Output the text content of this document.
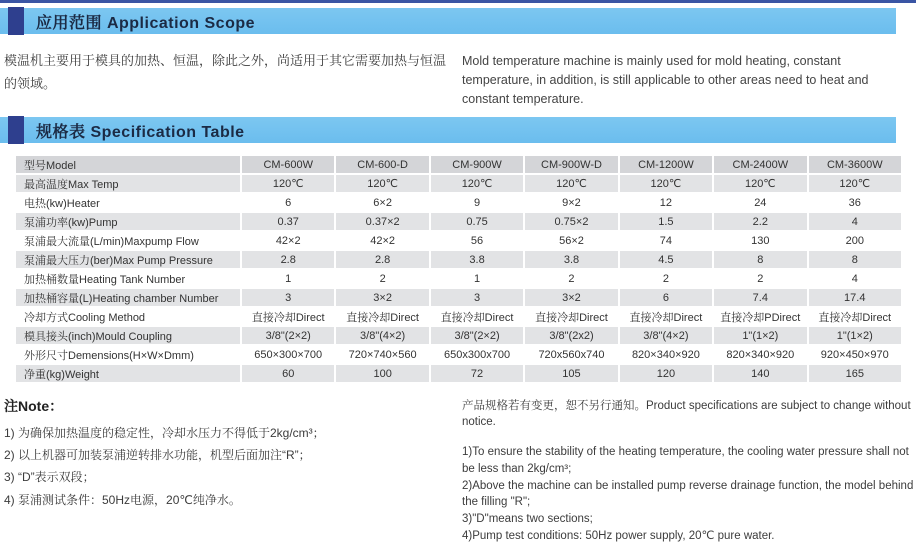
应用范围 Application Scope
模温机主要用于模具的加热、恒温，除此之外，尚适用于其它需要加热与恒温的领域。
Mold temperature machine is mainly used for mold heating, constant temperature, in addition, is still applicable to other areas need to heat and constant temperature.
规格表 Specification Table
型号Model	CM-600W	CM-600-D	CM-900W	CM-900W-D	CM-1200W	CM-2400W	CM-3600W
最高温度Max Temp	120℃	120℃	120℃	120℃	120℃	120℃	120℃
电热(kw)Heater	6	6×2	9	9×2	12	24	36
泵浦功率(kw)Pump	0.37	0.37×2	0.75	0.75×2	1.5	2.2	4
泵浦最大流量(L/min)Maxpump Flow	42×2	42×2	56	56×2	74	130	200
泵浦最大压力(ber)Max Pump Pressure	2.8	2.8	3.8	3.8	4.5	8	8
加热桶数量Heating Tank Number	1	2	1	2	2	2	4
加热桶容量(L)Heating chamber Number	3	3×2	3	3×2	6	7.4	17.4
冷却方式Cooling Method	直接冷却Direct	直接冷却Direct	直接冷却Direct	直接冷却Direct	直接冷却Direct	直接冷却PDirect	直接冷却Direct
模具接头(inch)Mould Coupling	3/8"(2×2)	3/8"(4×2)	3/8"(2×2)	3/8"(2x2)	3/8"(4×2)	1"(1×2)	1"(1×2)
外形尺寸Demensions(H×W×Dmm)	650×300×700	720×740×560	650x300x700	720x560x740	820×340×920	820×340×920	920×450×970
净重(kg)Weight	60	100	72	105	120	140	165
注Note：
1) 为确保加热温度的稳定性，冷却水压力不得低于2kg/cm³；
2) 以上机器可加装泵浦逆转排水功能，机型后面加注“R”；
3) “D”表示双段；
4) 泵浦测试条件：50Hz电源，20℃纯净水。
产品规格若有变更，恕不另行通知。Product specifications are subject to change without notice.
1)To ensure the stability of the heating temperature, the cooling water pressure shall not be less than 2kg/cm³;
2)Above the machine can be installed pump reverse drainage function, the model behind the filling "R";
3)"D"means two sections;
4)Pump test conditions: 50Hz power supply, 20℃ pure water.
